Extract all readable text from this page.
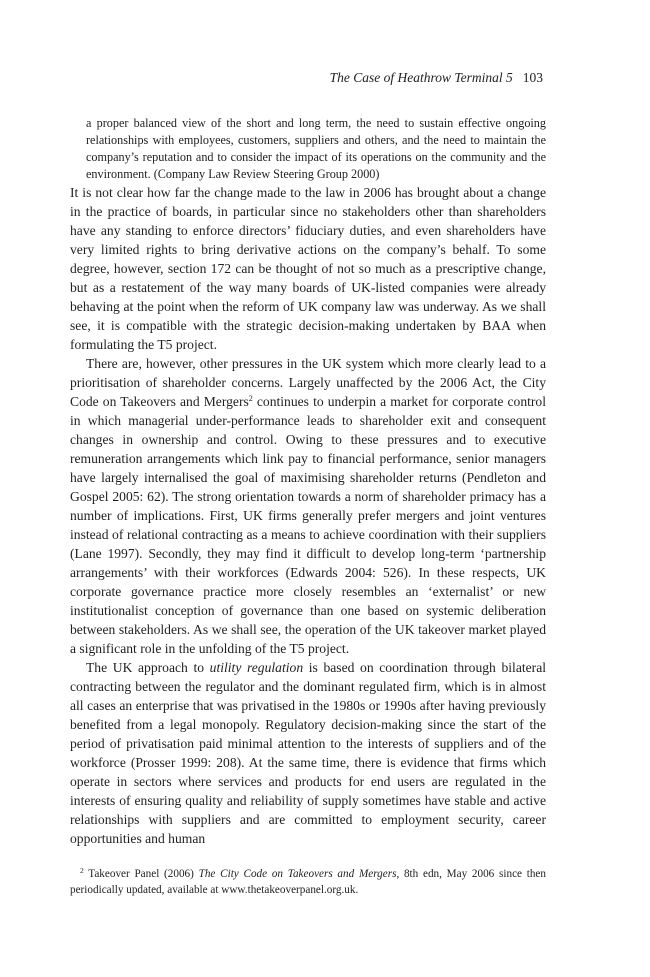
The Case of Heathrow Terminal 5 103
a proper balanced view of the short and long term, the need to sustain effective ongoing relationships with employees, customers, suppliers and others, and the need to maintain the company’s reputation and to consider the impact of its operations on the community and the environment. (Company Law Review Steering Group 2000)

It is not clear how far the change made to the law in 2006 has brought about a change in the practice of boards, in particular since no stakeholders other than shareholders have any standing to enforce directors’ fiduciary duties, and even shareholders have very limited rights to bring derivative actions on the company’s behalf. To some degree, however, section 172 can be thought of not so much as a prescriptive change, but as a restatement of the way many boards of UK-listed companies were already behaving at the point when the reform of UK company law was underway. As we shall see, it is compatible with the strategic decision-making undertaken by BAA when formulating the T5 project.

There are, however, other pressures in the UK system which more clearly lead to a prioritisation of shareholder concerns. Largely unaffected by the 2006 Act, the City Code on Takeovers and Mergers$^2$ continues to underpin a market for corporate control in which managerial under-performance leads to shareholder exit and consequent changes in ownership and control. Owing to these pressures and to executive remuneration arrangements which link pay to financial performance, senior managers have largely internalised the goal of maximising shareholder returns (Pendleton and Gospel 2005: 62). The strong orientation towards a norm of shareholder primacy has a number of implications. First, UK firms generally prefer mergers and joint ventures instead of relational contracting as a means to achieve coordination with their suppliers (Lane 1997). Secondly, they may find it difficult to develop long-term ‘partnership arrangements’ with their workforces (Edwards 2004: 526). In these respects, UK corporate governance practice more closely resembles an ‘externalist’ or new institutionalist conception of governance than one based on systemic deliberation between stakeholders. As we shall see, the operation of the UK takeover market played a significant role in the unfolding of the T5 project.

The UK approach to utility regulation is based on coordination through bilateral contracting between the regulator and the dominant regulated firm, which is in almost all cases an enterprise that was privatised in the 1980s or 1990s after having previously benefited from a legal monopoly. Regulatory decision-making since the start of the period of privatisation paid minimal attention to the interests of suppliers and of the workforce (Prosser 1999: 208). At the same time, there is evidence that firms which operate in sectors where services and products for end users are regulated in the interests of ensuring quality and reliability of supply sometimes have stable and active relationships with suppliers and are committed to employment security, career opportunities and human

$^2$ Takeover Panel (2006) The City Code on Takeovers and Mergers, 8th edn, May 2006 since then periodically updated, available at www.thetakeoverpanel.org.uk.
